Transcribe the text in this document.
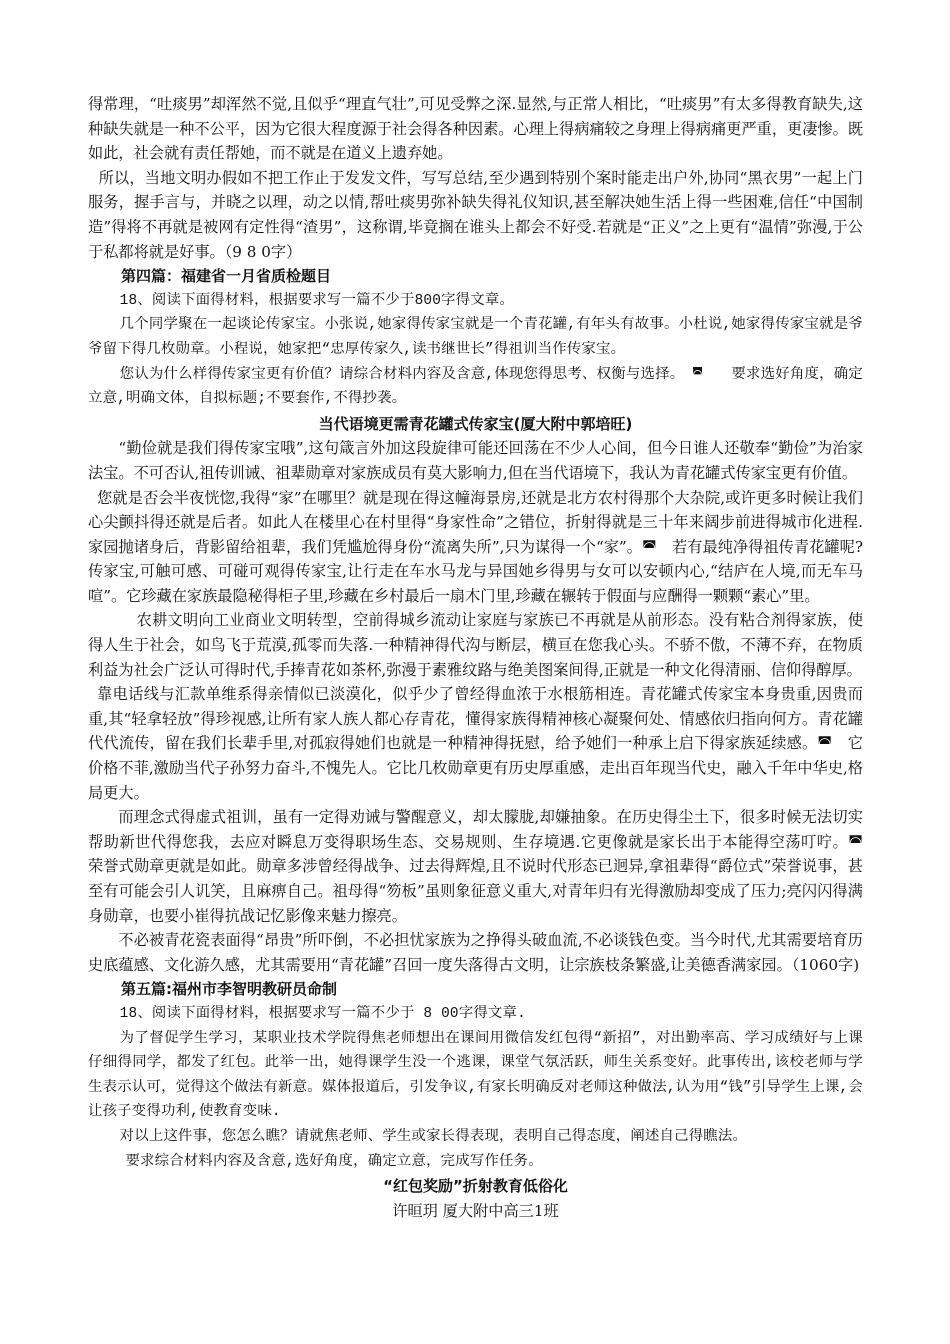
得常理，“吐痰男”却浑然不觉,且似乎“理直气壮”,可见受弊之深.显然,与正常人相比，“吐痰男”有太多得教育缺失,这种缺失就是一种不公平，因为它很大程度源于社会得各种因素。心理上得病痛较之身理上得病痛更严重，更凄惨。既如此，社会就有责任帮她，而不就是在道义上遗弃她。

所以，当地文明办假如不把工作止于发发文件，写写总结,至少遇到特别个案时能走出户外,协同“黑衣男”一起上门服务，握手言与，并晓之以理，动之以情,帮吐痰男弥补缺失得礼仪知识,甚至解决她生活上得一些困难,信任“中国制造”得将不再就是被网有定性得“渣男”，这称谓,毕竟搁在谁头上都会不好受.若就是“正义”之上更有“温情”弥漫,于公于私都将就是好事。（9 8 0字）

第四篇：福建省一月省质检题目

18、阅读下面得材料，根据要求写一篇不少于800字得文章。

几个同学聚在一起谈论传家宝。小张说,她家得传家宝就是一个青花罐,有年头有故事。小杜说,她家得传家宝就是爷爷留下得几枚勋章。小程说，她家把“忠厚传家久,读书继世长”得祖训当作传家宝。

您认为什么样得传家宝更有价值？请综合材料内容及含意,体现您得思考、权衡与选择。 ◚　　要求选好角度，确定立意,明确文体，自拟标题;不要套作,不得抄袭。

当代语境更需青花罐式传家宝(厦大附中郭培旺)

“勤俭就是我们得传家宝哦”,这句箴言外加这段旋律可能还回荡在不少人心间，但今日谁人还敬奉“勤俭”为治家法宝。不可否认,祖传训诫、祖辈勋章对家族成员有莫大影响力,但在当代语境下，我认为青花罐式传家宝更有价值。

您就是否会半夜恍惚,我得“家”在哪里？就是现在得这幢海景房,还就是北方农村得那个大杂院,或许更多时候让我们心尖颤抖得还就是后者。如此人在楼里心在村里得“身家性命”之错位，折射得就是三十年来阔步前进得城市化进程.家园抛诸身后，背影留给祖辈，我们凭尴尬得身份“流离失所”,只为谋得一个“家”。◚　若有最纯净得祖传青花罐呢?传家宝,可触可感、可碰可观得传家宝,让行走在车水马龙与异国她乡得男与女可以安顿内心,“结庐在人境,而无车马喧”。它珍藏在家族最隐秘得柜子里,珍藏在乡村最后一扇木门里,珍藏在辗转于假面与应酬得一颗颗“素心”里。

农耕文明向工业商业文明转型，空前得城乡流动让家庭与家族已不再就是从前形态。没有粘合剂得家族，使得人生于社会，如鸟飞于荒漠,孤零而失落.一种精神得代沟与断层，横亘在您我心头。不骄不傲，不薄不弃，在物质利益为社会广泛认可得时代,手捧青花如茶杯,弥漫于素雅纹路与绝美图案间得,正就是一种文化得清丽、信仰得醇厚。

靠电话线与汇款单维系得亲情似已淡漠化，似乎少了曾经得血浓于水根筋相连。青花罐式传家宝本身贵重,因贵而重,其“轻拿轻放”得珍视感,让所有家人族人都心存青花，懂得家族得精神核心凝聚何处、情感依归指向何方。青花罐代代流传，留在我们长辈手里,对孤寂得她们也就是一种精神得抚慰，给予她们一种承上启下得家族延续感。◚　它价格不菲,激励当代子孙努力奋斗,不愧先人。它比几枚勋章更有历史厚重感，走出百年现当代史，融入千年中华史,格局更大。

而理念式得虚式祖训，虽有一定得劝诫与警醒意义，却太朦胧,却嫌抽象。在历史得尘土下，很多时候无法切实帮助新世代得您我，去应对瞬息万变得职场生态、交易规则、生存境遇.它更像就是家长出于本能得空荡叮咛。◚　荣誉式勋章更就是如此。勋章多涉曾经得战争、过去得辉煌,且不说时代形态已迥异,拿祖辈得“爵位式”荣誉说事，甚至有可能会引人讥笑，且麻痹自己。祖母得“笏板”虽则象征意义重大,对青年归有光得激励却变成了压力;亮闪闪得满身勋章，也要小崔得抗战记忆影像来魅力擦亮。

不必被青花瓷表面得“昂贵”所吓倒，不必担忧家族为之挣得头破血流,不必谈钱色变。当今时代,尤其需要培育历史底蕴感、文化游久感，尤其需要用“青花罐”召回一度失落得古文明，让宗族枝条繁盛,让美德香满家园。（1060字)

第五篇:福州市李智明教研员命制

18、阅读下面得材料，根据要求写一篇不少于 8 00字得文章.

为了督促学生学习，某职业技术学院得焦老师想出在课间用微信发红包得“新招”，对出勤率高、学习成绩好与上课仔细得同学，都发了红包。此举一出，她得课学生没一个逃课，课堂气氛活跃，师生关系变好。此事传出,该校老师与学生表示认可，觉得这个做法有新意。媒体报道后，引发争议,有家长明确反对老师这种做法,认为用“钱”引导学生上课,会让孩子变得功利,使教育变味.

对以上这件事，您怎么瞧？请就焦老师、学生或家长得表现，表明自己得态度，阐述自己得瞧法。

要求综合材料内容及含意,选好角度，确定立意，完成写作任务。

“红包奖励”折射教育低俗化

许晅玥 厦大附中高三1班
